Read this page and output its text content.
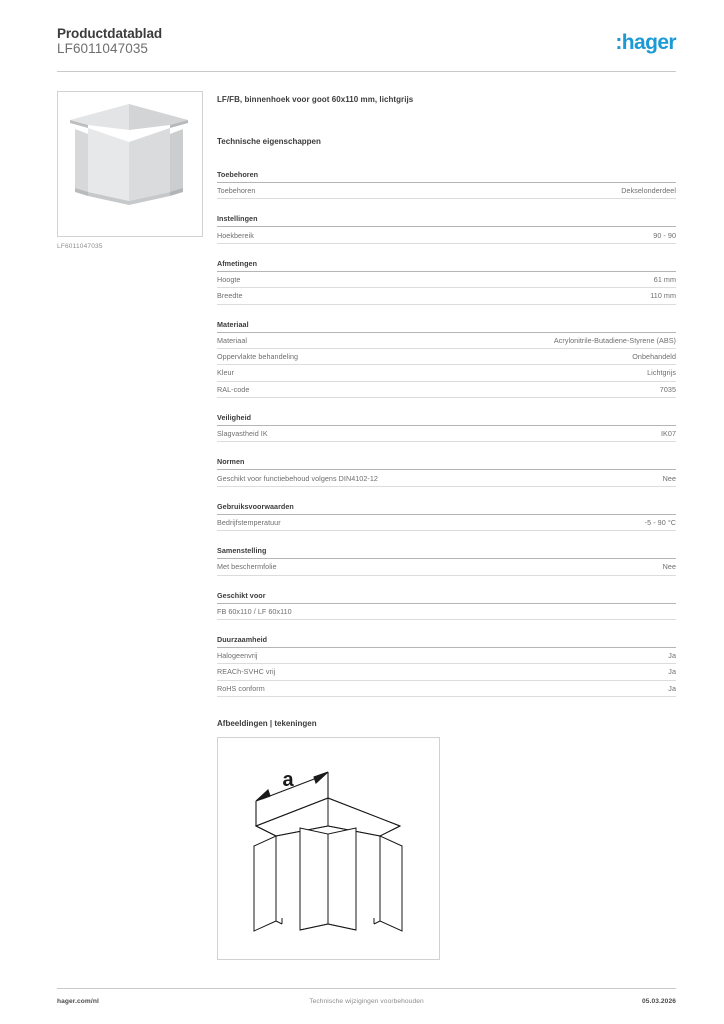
Productdatablad
LF6011047035	:hager
LF6011047035
LF/FB, binnenhoek voor goot 60x110 mm, lichtgrijs
Technische eigenschappen
Toebehoren
Toebehoren	Dekselonderdeel
Instellingen
Hoekbereik	90 - 90
Afmetingen
Hoogte	61 mm
Breedte	110 mm
Materiaal
Materiaal	Acrylonitrile-Butadiene-Styrene (ABS)
Oppervlakte behandeling	Onbehandeld
Kleur	Lichtgrijs
RAL-code	7035
Veiligheid
Slagvastheid IK	IK07
Normen
Geschikt voor functiebehoud volgens DIN4102-12	Nee
Gebruiksvoorwaarden
Bedrijfstemperatuur	-5 - 90 °C
Samenstelling
Met beschermfolie	Nee
Geschikt voor
FB 60x110 / LF 60x110
Duurzaamheid
Halogeenvrij	Ja
REACh-SVHC vrij	Ja
RoHS conform	Ja
Afbeeldingen | tekeningen
a
hager.com/nl	Technische wijzigingen voorbehouden	05.03.2026
